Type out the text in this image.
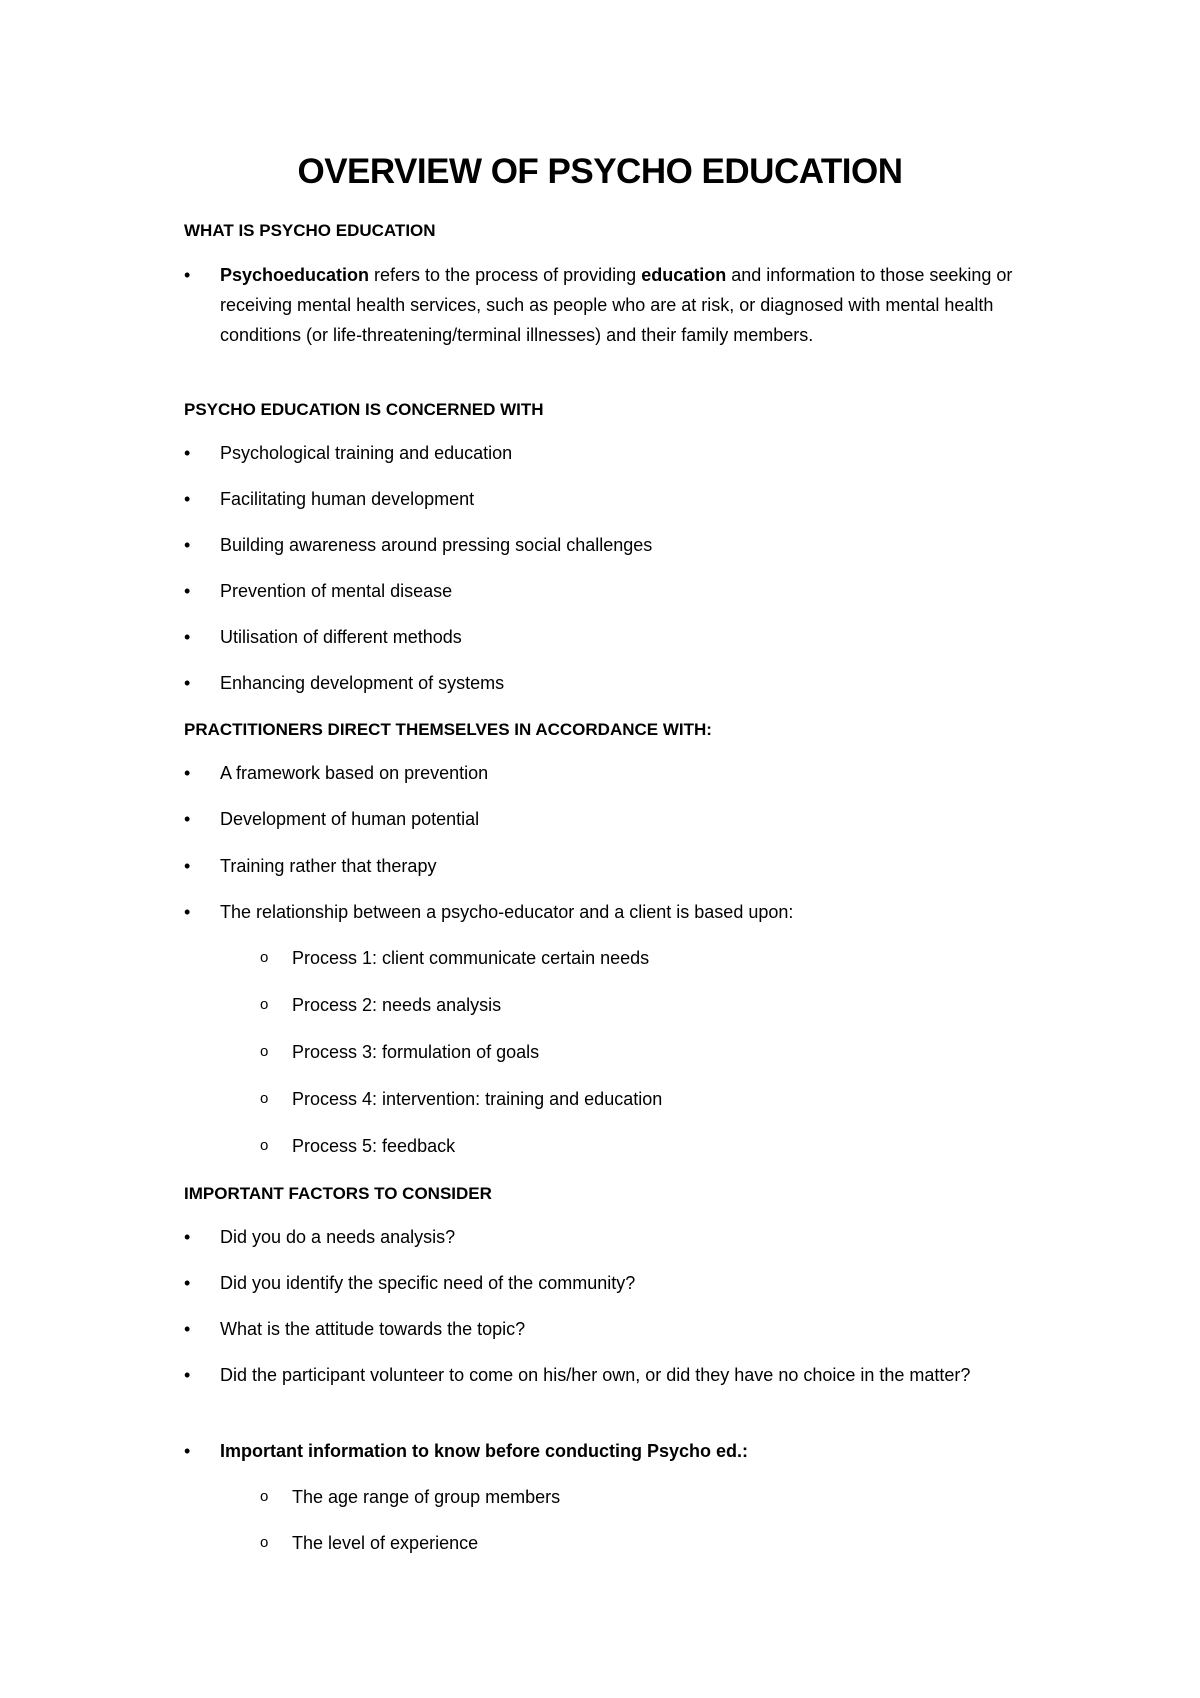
OVERVIEW OF PSYCHO EDUCATION
WHAT IS PSYCHO EDUCATION
•	Psychoeducation refers to the process of providing education and information to those seeking or receiving mental health services, such as people who are at risk, or diagnosed with mental health conditions (or life-threatening/terminal illnesses) and their family members.
PSYCHO EDUCATION IS CONCERNED WITH
•	Psychological training and education
•	Facilitating human development
•	Building awareness around pressing social challenges
•	Prevention of mental disease
•	Utilisation of different methods
•	Enhancing development of systems
PRACTITIONERS DIRECT THEMSELVES IN ACCORDANCE WITH:
•	A framework based on prevention
•	Development of human potential
•	Training rather that therapy
•	The relationship between a psycho-educator and a client is based upon:
o	Process 1: client communicate certain needs
o	Process 2: needs analysis
o	Process 3: formulation of goals
o	Process 4: intervention: training and education
o	Process 5: feedback
IMPORTANT FACTORS TO CONSIDER
•	Did you do a needs analysis?
•	Did you identify the specific need of the community?
•	What is the attitude towards the topic?
•	Did the participant volunteer to come on his/her own, or did they have no choice in the matter?
•	Important information to know before conducting Psycho ed.:
o	The age range of group members
o	The level of experience
